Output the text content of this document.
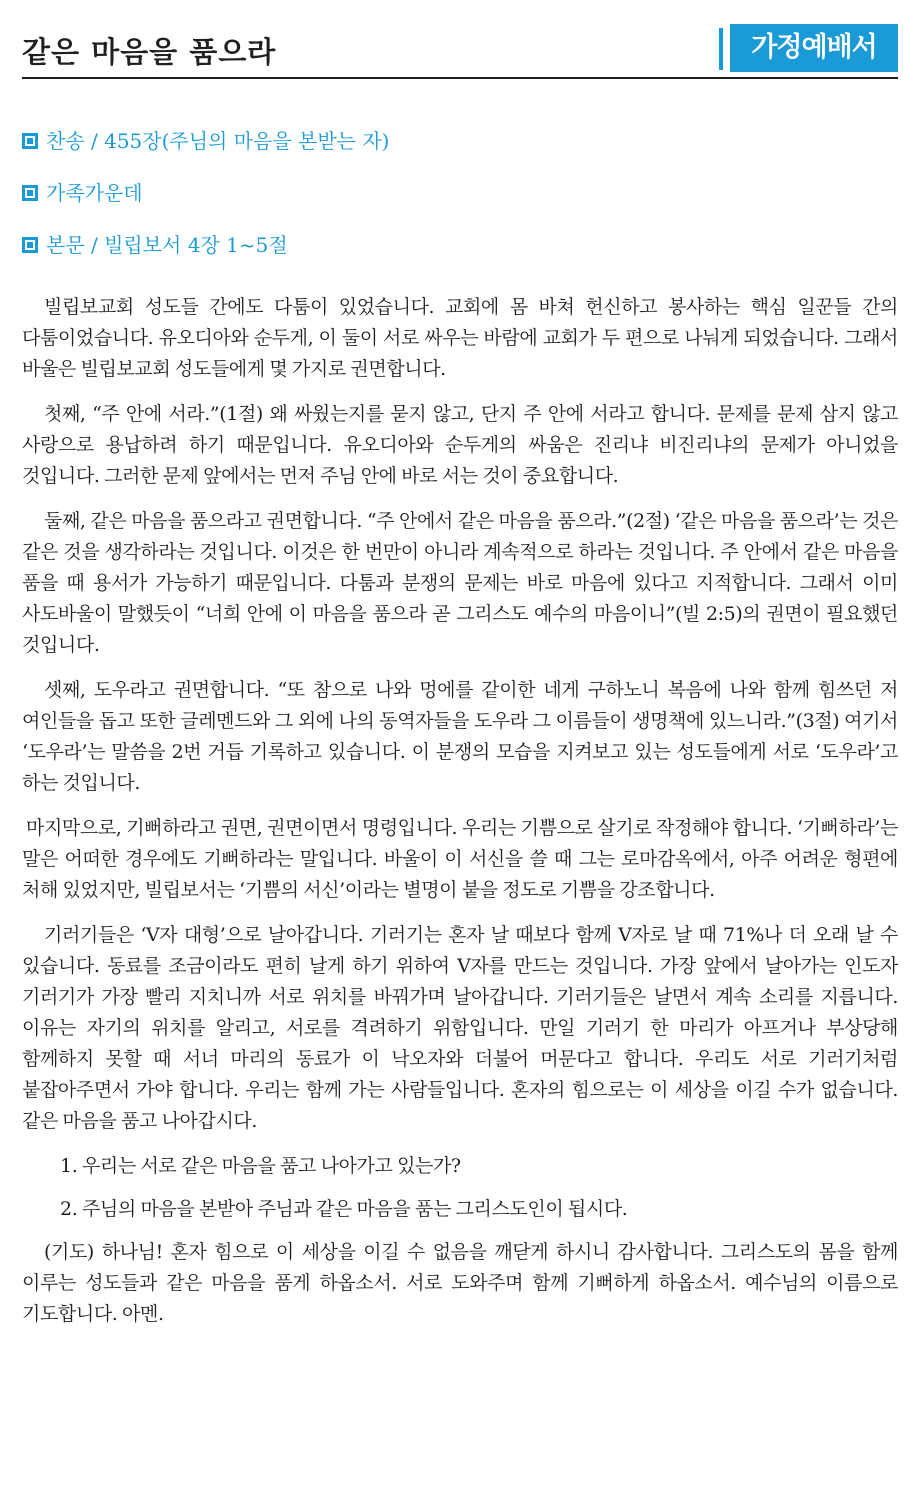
같은 마음을 품으라	가정예배서
찬송 / 455장(주님의 마음을 본받는 자)
가족가운데
본문 / 빌립보서 4장 1~5절

빌립보교회 성도들 간에도 다툼이 있었습니다. 교회에 몸 바쳐 헌신하고 봉사하는 핵심 일꾼들 간의 다툼이었습니다. 유오디아와 순두게, 이 둘이 서로 싸우는 바람에 교회가 두 편으로 나눠게 되었습니다. 그래서 바울은 빌립보교회 성도들에게 몇 가지로 권면합니다.

첫째, “주 안에 서라.”(1절) 왜 싸웠는지를 묻지 않고, 단지 주 안에 서라고 합니다. 문제를 문제 삼지 않고 사랑으로 용납하려 하기 때문입니다. 유오디아와 순두게의 싸움은 진리냐 비진리냐의 문제가 아니었을 것입니다. 그러한 문제 앞에서는 먼저 주님 안에 바로 서는 것이 중요합니다.

둘째, 같은 마음을 품으라고 권면합니다. “주 안에서 같은 마음을 품으라.”(2절) ‘같은 마음을 품으라’는 것은 같은 것을 생각하라는 것입니다. 이것은 한 번만이 아니라 계속적으로 하라는 것입니다. 주 안에서 같은 마음을 품을 때 용서가 가능하기 때문입니다. 다툼과 분쟁의 문제는 바로 마음에 있다고 지적합니다. 그래서 이미 사도바울이 말했듯이 “너희 안에 이 마음을 품으라 곧 그리스도 예수의 마음이니”(빌 2:5)의 권면이 필요했던 것입니다.

셋째, 도우라고 권면합니다. “또 참으로 나와 멍에를 같이한 네게 구하노니 복음에 나와 함께 힘쓰던 저 여인들을 돕고 또한 글레멘드와 그 외에 나의 동역자들을 도우라 그 이름들이 생명책에 있느니라.”(3절) 여기서 ‘도우라’는 말씀을 2번 거듭 기록하고 있습니다. 이 분쟁의 모습을 지켜보고 있는 성도들에게 서로 ‘도우라’고 하는 것입니다.

마지막으로, 기뻐하라고 권면, 권면이면서 명령입니다. 우리는 기쁨으로 살기로 작정해야 합니다. ‘기뻐하라’는 말은 어떠한 경우에도 기뻐하라는 말입니다. 바울이 이 서신을 쓸 때 그는 로마감옥에서, 아주 어려운 형편에 처해 있었지만, 빌립보서는 ‘기쁨의 서신’이라는 별명이 붙을 정도로 기쁨을 강조합니다.

기러기들은 ‘V자 대형’으로 날아갑니다. 기러기는 혼자 날 때보다 함께 V자로 날 때 71%나 더 오래 날 수 있습니다. 동료를 조금이라도 편히 날게 하기 위하여 V자를 만드는 것입니다. 가장 앞에서 날아가는 인도자 기러기가 가장 빨리 지치니까 서로 위치를 바꿔가며 날아갑니다. 기러기들은 날면서 계속 소리를 지릅니다. 이유는 자기의 위치를 알리고, 서로를 격려하기 위함입니다. 만일 기러기 한 마리가 아프거나 부상당해 함께하지 못할 때 서너 마리의 동료가 이 낙오자와 더불어 머문다고 합니다. 우리도 서로 기러기처럼 붙잡아주면서 가야 합니다. 우리는 함께 가는 사람들입니다. 혼자의 힘으로는 이 세상을 이길 수가 없습니다. 같은 마음을 품고 나아갑시다.

1. 우리는 서로 같은 마음을 품고 나아가고 있는가?

2. 주님의 마음을 본받아 주님과 같은 마음을 품는 그리스도인이 됩시다.

(기도) 하나님! 혼자 힘으로 이 세상을 이길 수 없음을 깨닫게 하시니 감사합니다. 그리스도의 몸을 함께 이루는 성도들과 같은 마음을 품게 하옵소서. 서로 도와주며 함께 기뻐하게 하옵소서. 예수님의 이름으로 기도합니다. 아멘.
